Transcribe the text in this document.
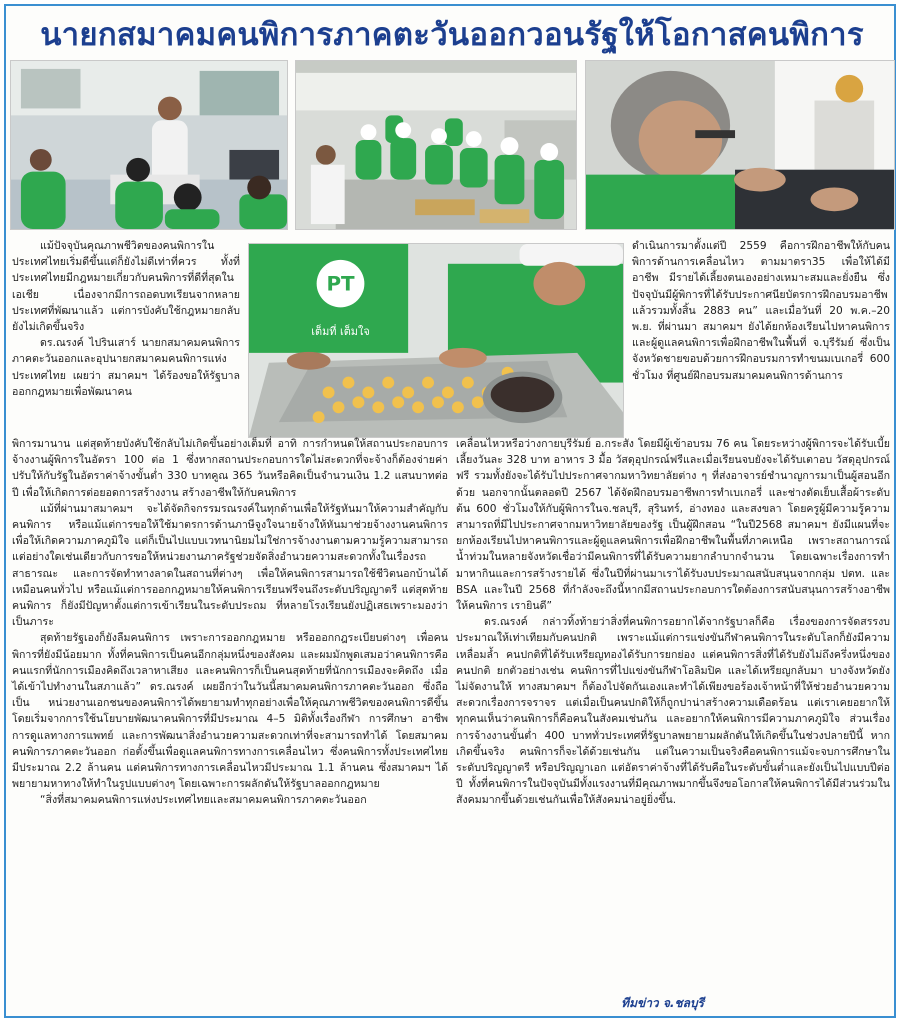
นายกสมาคมคนพิการภาคตะวันออกวอนรัฐให้โอกาสคนพิการ
PT
เต็มที่ เต็มใจ

แม้ปัจจุบันคุณภาพชีวิตของคนพิการในประเทศไทยเริ่มดีขึ้นแต่ก็ยังไม่ดีเท่าที่ควร ทั้งที่ประเทศไทยมีกฎหมายเกี่ยวกับคนพิการที่ดีที่สุดในเอเชีย เนื่องจากมีการถอดบทเรียนจากหลายประเทศที่พัฒนาแล้ว แต่การบังคับใช้กฎหมายกลับยังไม่เกิดขึ้นจริง

ดร.ณรงค์ ไปรินเสาร์ นายกสมาคมคนพิการภาคตะวันออกและอุปนายกสมาคมคนพิการแห่งประเทศไทย เผยว่า สมาคมฯ ได้ร้องขอให้รัฐบาลออกกฎหมายเพื่อพัฒนาคน

พิการมานาน แต่สุดท้ายบังคับใช้กลับไม่เกิดขึ้นอย่างเต็มที่ อาทิ การกำหนดให้สถานประกอบการจ้างงานผู้พิการในอัตรา 100 ต่อ 1 ซึ่งหากสถานประกอบการใดไม่สะดวกที่จะจ้างก็ต้องจ่ายค่าปรับให้กับรัฐในอัตราค่าจ้างขั้นต่ำ 330 บาทคูณ 365 วันหรือคิดเป็นจำนวนเงิน 1.2 แสนบาทต่อปี เพื่อให้เกิดการต่อยอดการสร้างงาน สร้างอาชีพให้กับคนพิการ

แม้ที่ผ่านมาสมาคมฯ จะได้จัดกิจกรรมรณรงค์ในทุกด้านเพื่อให้รัฐหันมาให้ความสำคัญกับคนพิการ หรือแม้แต่การขอให้ใช้มาตรการด้านภาษีจูงใจนายจ้างให้หันมาช่วยจ้างงานคนพิการเพื่อให้เกิดความภาคภูมิใจ แต่ก็เป็นไปแบบเวทนานิยมไม่ใช่การจ้างงานตามความรู้ความสามารถแต่อย่างใดเช่นเดียวกับการขอให้หน่วยงานภาครัฐช่วยจัดสิ่งอำนวยความสะดวกทั้งในเรื่องรถสาธารณะ และการจัดทำทางลาดในสถานที่ต่างๆ เพื่อให้คนพิการสามารถใช้ชีวิตนอกบ้านได้เหมือนคนทั่วไป หรือแม้แต่การออกกฎหมายให้คนพิการเรียนฟรีจนถึงระดับปริญญาตรี แต่สุดท้ายคนพิการ ก็ยังมีปัญหาตั้งแต่การเข้าเรียนในระดับประถม ที่หลายโรงเรียนยังปฏิเสธเพราะมองว่าเป็นภาระ

สุดท้ายรัฐเองก็ยังลืมคนพิการ เพราะการออกกฎหมาย หรือออกกฎระเบียบต่างๆ เพื่อคนพิการที่ยังมีน้อยมาก ทั้งที่คนพิการเป็นคนอีกกลุ่มหนึ่งของสังคม และผมมักพูดเสมอว่าคนพิการคือคนแรกที่นักการเมืองคิดถึงเวลาหาเสียง และคนพิการก็เป็นคนสุดท้ายที่นักการเมืองจะคิดถึง เมื่อได้เข้าไปทำงานในสภาแล้ว” ดร.ณรงค์ เผยอีกว่าในวันนี้สมาคมคนพิการภาคตะวันออก ซึ่งถือเป็น หน่วยงานเอกชนของคนพิการได้พยายามทำทุกอย่างเพื่อให้คุณภาพชีวิตของคนพิการดีขึ้น โดยเริ่มจากการใช้นโยบายพัฒนาคนพิการที่มีประมาณ 4–5 มิติทั้งเรื่องกีฬา การศึกษา อาชีพ การดูแลทางการแพทย์ และการพัฒนาสิ่งอำนวยความสะดวกเท่าที่จะสามารถทำได้ โดยสมาคมคนพิการภาคตะวันออก ก่อตั้งขึ้นเพื่อดูแลคนพิการทางการเคลื่อนไหว ซึ่งคนพิการทั้งประเทศไทยมีประมาณ 2.2 ล้านคน แต่คนพิการทางการเคลื่อนไหวมีประมาณ 1.1 ล้านคน ซึ่งสมาคมฯ ได้พยายามหาทางให้ทำในรูปแบบต่างๆ โดยเฉพาะการผลักดันให้รัฐบาลออกกฎหมาย

“สิ่งที่สมาคมคนพิการแห่งประเทศไทยและสมาคมคนพิการภาคตะวันออก

ดำเนินการมาตั้งแต่ปี 2559 คือการฝึกอาชีพให้กับคนพิการด้านการเคลื่อนไหว ตามมาตรา35 เพื่อให้ได้มีอาชีพ มีรายได้เลี้ยงตนเองอย่างเหมาะสมและยั่งยืน ซึ่งปัจจุบันมีผู้พิการที่ได้รับประกาศนียบัตรการฝึกอบรมอาชีพแล้วรวมทั้งสิ้น 2883 คน” และเมื่อวันที่ 20 พ.ค.–20 พ.ย. ที่ผ่านมา สมาคมฯ ยังได้ยกห้องเรียนไปหาคนพิการและผู้ดูแลคนพิการเพื่อฝึกอาชีพในพื้นที่ จ.บุรีรัมย์ ซึ่งเป็นจังหวัดชายขอบด้วยการฝึกอบรมการทำขนมเบเกอรี่ 600 ชั่วโมง ที่ศูนย์ฝึกอบรมสมาคมคนพิการด้านการ

เคลื่อนไหวหรือว่างกายบุรีรัมย์ อ.กระสัง โดยมีผู้เข้าอบรม 76 คน โดยระหว่างผู้พิการจะได้รับเบี้ยเลี้ยงวันละ 328 บาท อาหาร 3 มื้อ วัสดุอุปกรณ์ฟรีและเมื่อเรียนจบยังจะได้รับเตาอบ วัสดุอุปกรณ์ฟรี รวมทั้งยังจะได้รับไปประกาศจากมหาวิทยาลัยต่าง ๆ ที่ส่งอาจารย์ชำนาญการมาเป็นผู้สอนอีกด้วย นอกจากนั้นตลอดปี 2567 ได้จัดฝึกอบรมอาชีพการทำเบเกอรี่ และช่างตัดเย็บเสื้อผ้าระดับต้น 600 ชั่วโมงให้กับผู้พิการในจ.ชลบุรี, สุรินทร์, อ่างทอง และสงขลา โดยครูผู้มีความรู้ความสามารถที่มีไปประกาศจากมหาวิทยาลัยของรัฐ เป็นผู้ฝึกสอน “ในปี2568 สมาคมฯ ยังมีแผนที่จะยกห้องเรียนไปหาคนพิการและผู้ดูแลคนพิการเพื่อฝึกอาชีพในพื้นที่ภาคเหนือ เพราะสถานการณ์น้ำท่วมในหลายจังหวัดเชื่อว่ามีคนพิการที่ได้รับความยากลำบากจำนวน โดยเฉพาะเรื่องการทำมาหากินและการสร้างรายได้ ซึ่งในปีที่ผ่านมาเราได้รับงบประมาณสนับสนุนจากกลุ่ม ปตท. และ BSA และในปี 2568 ที่กำลังจะถึงนี้หากมีสถานประกอบการใดต้องการสนับสนุนการสร้างอาชีพให้คนพิการ เรายินดี”

ดร.ณรงค์ กล่าวทิ้งท้ายว่าสิ่งที่คนพิการอยากได้จากรัฐบาลก็คือ เรื่องของการจัดสรรงบประมาณให้เท่าเทียมกับคนปกติ เพราะแม้แต่การแข่งขันกีฬาคนพิการในระดับโลกก็ยังมีความเหลื่อมล้ำ คนปกติที่ได้รับเหรียญทองได้รับการยกย่อง แต่คนพิการสิ่งที่ได้รับยังไม่ถึงครึ่งหนึ่งของคนปกติ ยกตัวอย่างเช่น คนพิการที่ไปแข่งขันกีฬาโอลิมปิค และได้เหรียญกลับมา บางจังหวัดยังไม่จัดงานให้ ทางสมาคมฯ ก็ต้องไปจัดกันเองและทำได้เพียงขอร้องเจ้าหน้าที่ให้ช่วยอำนวยความสะดวกเรื่องการจราจร แต่เมื่อเป็นคนปกติให้ก็ถูกปาน่าสร้างความเดือดร้อน แต่เราเคยอยากให้ทุกคนเห็นว่าคนพิการก็คือคนในสังคมเช่นกัน และอยากให้คนพิการมีความภาคภูมิใจ ส่วนเรื่องการจ้างงานขั้นต่ำ 400 บาททั่วประเทศที่รัฐบาลพยายามผลักดันให้เกิดขึ้นในช่วงปลายปีนี้ หากเกิดขึ้นจริง คนพิการก็จะได้ด้วยเช่นกัน แต่ในความเป็นจริงคือคนพิการแม้จะจบการศึกษาในระดับปริญญาตรี หรือปริญญาเอก แต่อัตราค่าจ้างที่ได้รับคือในระดับขั้นต่ำและยังเป็นไปแบบปีต่อปี ทั้งที่คนพิการในปัจจุบันมีทั้งแรงงานที่มีคุณภาพมากขึ้นจึงขอโอกาสให้คนพิการได้มีส่วนร่วมในสังคมมากขึ้นด้วยเช่นกันเพื่อให้สังคมน่าอยู่ยิ่งขึ้น.

ทีมข่าว จ.ชลบุรี
